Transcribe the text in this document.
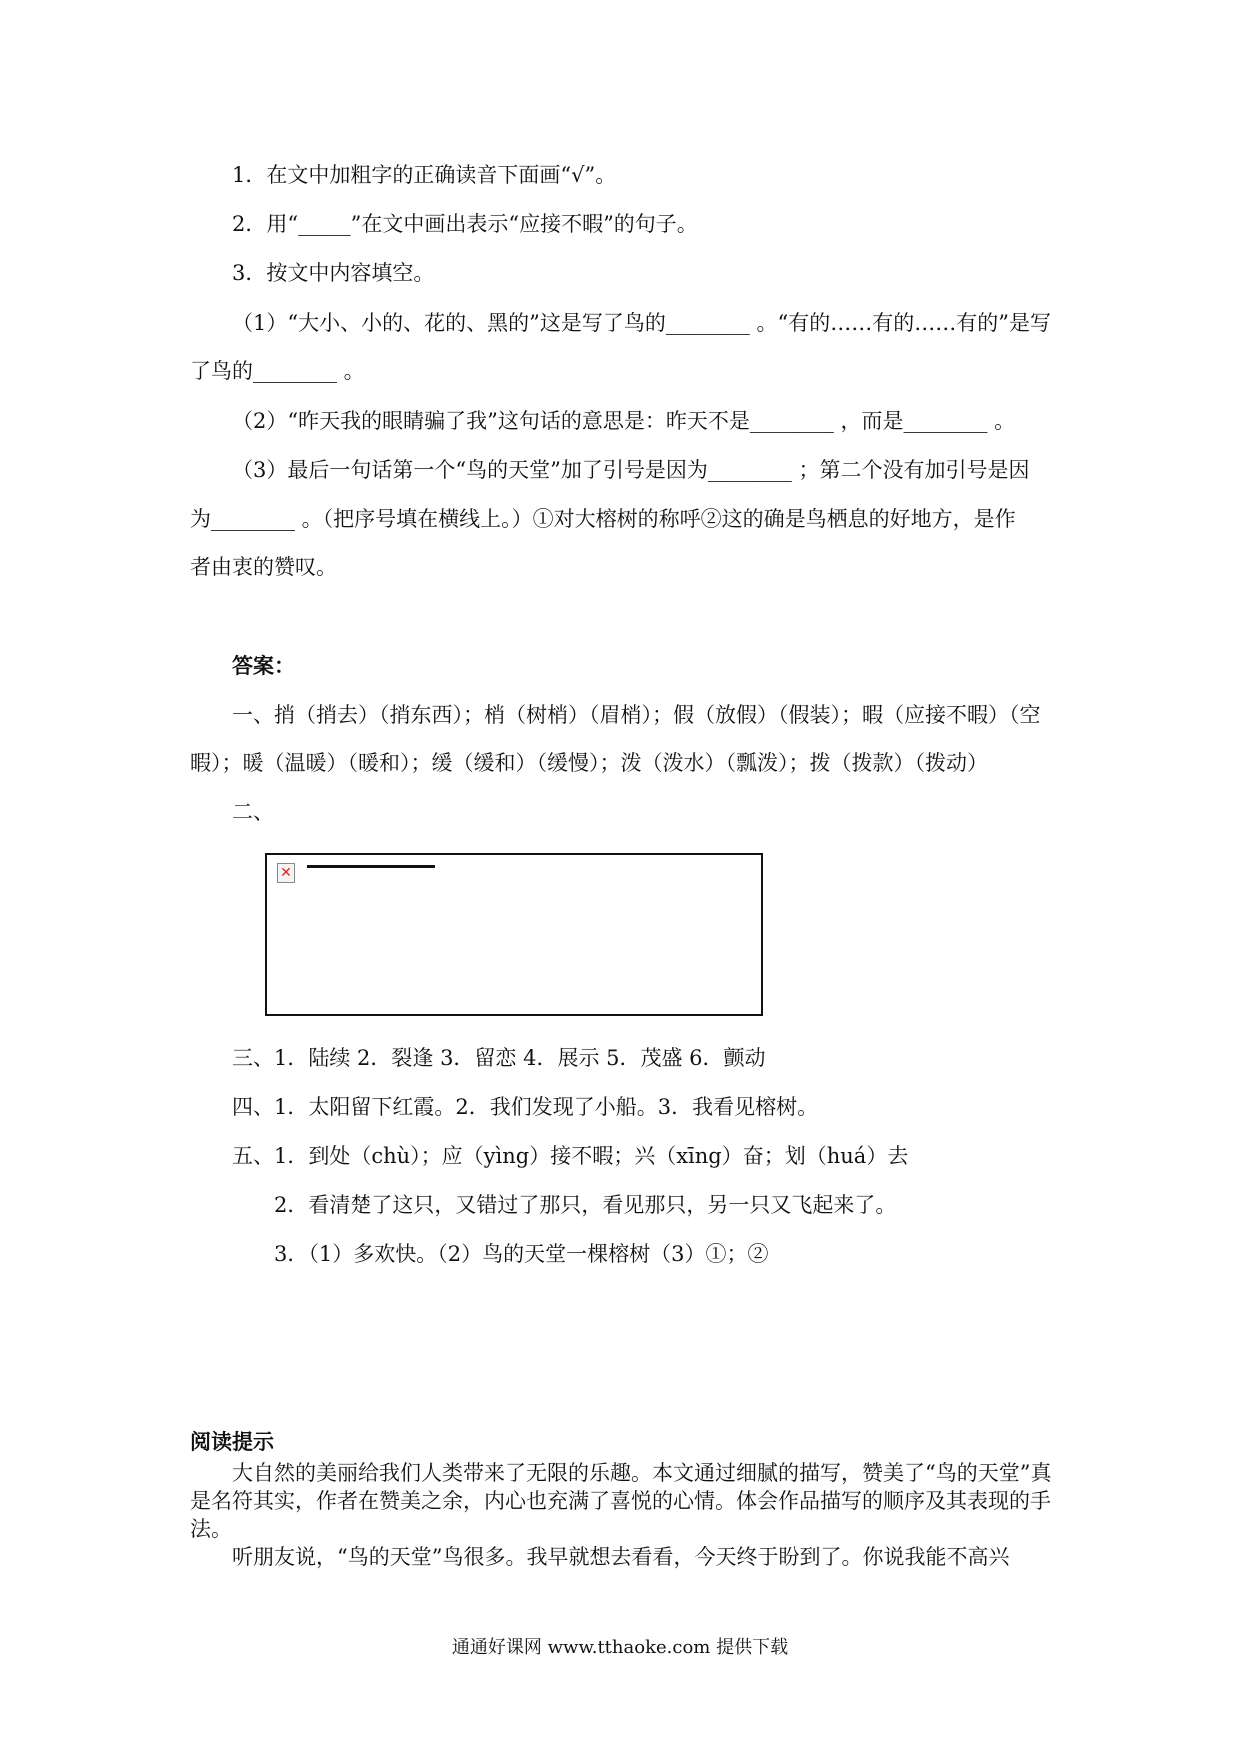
1．在文中加粗字的正确读音下面画“√”。
2．用“_____”在文中画出表示“应接不暇”的句子。
3．按文中内容填空。
（1）“大小、小的、花的、黑的”这是写了鸟的________ 。“有的……有的……有的”是写
了鸟的________ 。
（2）“昨天我的眼睛骗了我”这句话的意思是：昨天不是________ ，而是________ 。
（3）最后一句话第一个“鸟的天堂”加了引号是因为________ ；第二个没有加引号是因
为________ 。（把序号填在横线上。）①对大榕树的称呼②这的确是鸟栖息的好地方，是作
者由衷的赞叹。
答案：
一、捎（捎去）（捎东西）；梢（树梢）（眉梢）；假（放假）（假装）；暇（应接不暇）（空
暇）；暖（温暖）（暖和）；缓（缓和）（缓慢）；泼（泼水）（瓢泼）；拨（拨款）（拨动）
二、
✕
三、1．陆续 2．裂逢 3．留恋 4．展示 5．茂盛 6．颤动
四、1．太阳留下红霞。2．我们发现了小船。3．我看见榕树。
五、1．到处（chù）；应（yìng）接不暇；兴（xīng）奋；划（huá）去
2．看清楚了这只，又错过了那只，看见那只，另一只又飞起来了。
3．（1）多欢快。（2）鸟的天堂一棵榕树（3）①；②
阅读提示

大自然的美丽给我们人类带来了无限的乐趣。本文通过细腻的描写，赞美了“鸟的天堂”真是名符其实，作者在赞美之余，内心也充满了喜悦的心情。体会作品描写的顺序及其表现的手法。

听朋友说，“鸟的天堂”鸟很多。我早就想去看看，今天终于盼到了。你说我能不高兴

通通好课网 www.tthaoke.com 提供下载
